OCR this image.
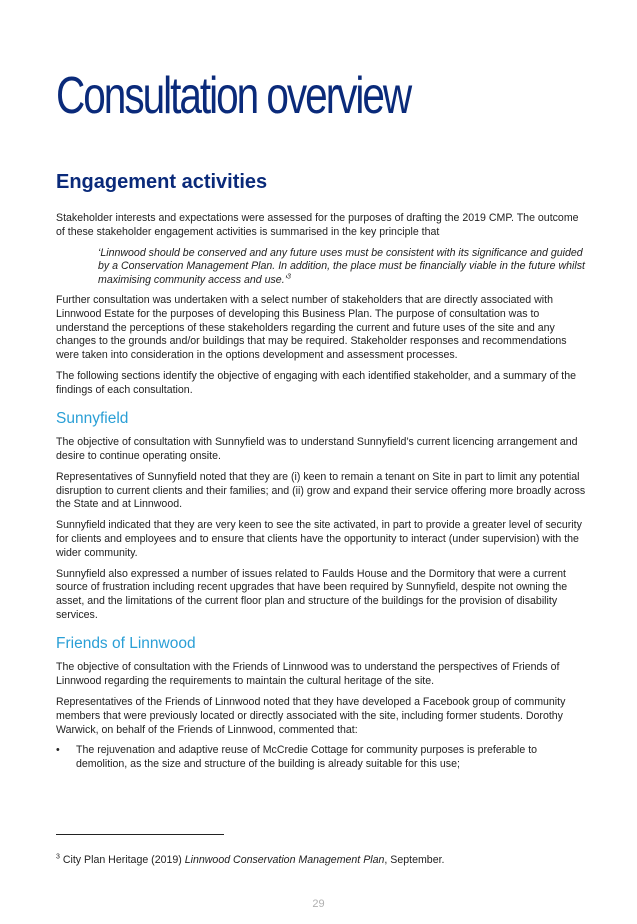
Consultation overview
Engagement activities

Stakeholder interests and expectations were assessed for the purposes of drafting the 2019 CMP. The outcome of these stakeholder engagement activities is summarised in the key principle that

‘Linnwood should be conserved and any future uses must be consistent with its significance and guided by a Conservation Management Plan. In addition, the place must be financially viable in the future whilst maximising community access and use.’$^3$

Further consultation was undertaken with a select number of stakeholders that are directly associated with Linnwood Estate for the purposes of developing this Business Plan. The purpose of consultation was to understand the perceptions of these stakeholders regarding the current and future uses of the site and any changes to the grounds and/or buildings that may be required. Stakeholder responses and recommendations were taken into consideration in the options development and assessment processes.

The following sections identify the objective of engaging with each identified stakeholder, and a summary of the findings of each consultation.

Sunnyfield

The objective of consultation with Sunnyfield was to understand Sunnyfield’s current licencing arrangement and desire to continue operating onsite.

Representatives of Sunnyfield noted that they are (i) keen to remain a tenant on Site in part to limit any potential disruption to current clients and their families; and (ii) grow and expand their service offering more broadly across the State and at Linnwood.

Sunnyfield indicated that they are very keen to see the site activated, in part to provide a greater level of security for clients and employees and to ensure that clients have the opportunity to interact (under supervision) with the wider community.

Sunnyfield also expressed a number of issues related to Faulds House and the Dormitory that were a current source of frustration including recent upgrades that have been required by Sunnyfield, despite not owning the asset, and the limitations of the current floor plan and structure of the buildings for the provision of disability services.

Friends of Linnwood

The objective of consultation with the Friends of Linnwood was to understand the perspectives of Friends of Linnwood regarding the requirements to maintain the cultural heritage of the site.

Representatives of the Friends of Linnwood noted that they have developed a Facebook group of community members that were previously located or directly associated with the site, including former students. Dorothy Warwick, on behalf of the Friends of Linnwood, commented that:

•	The rejuvenation and adaptive reuse of McCredie Cottage for community purposes is preferable to demolition, as the size and structure of the building is already suitable for this use;
$^3$ City Plan Heritage (2019) Linnwood Conservation Management Plan, September.
29
